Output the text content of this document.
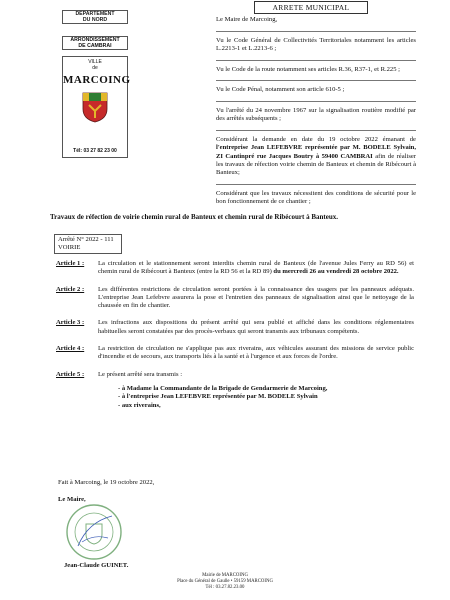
DEPARTEMENT
DU NORD
ARRONDISSEMENT
DE CAMBRAI
VILLE
de
MARCOING
Tél: 03 27 82 23 00
ARRETE MUNICIPAL

Le Maire de Marcoing,

Vu le Code Général de Collectivités Territoriales notamment les articles L.2213-1 et L.2213-6 ;

Vu le Code de la route notamment ses articles R.36, R37-1, et R.225 ;

Vu le Code Pénal, notamment son article 610-5 ;

Vu l'arrêté du 24 novembre 1967 sur la signalisation routière modifié par des arrêtés subséquents ;

Considérant la demande en date du 19 octobre 2022 émanant de l'entreprise Jean LEFEBVRE représentée par M. BODELE Sylvain, ZI Cantinpré rue Jacques Boutry à 59400 CAMBRAI afin de réaliser les travaux de réfection voirie chemin de Banteux et chemin de Ribécourt à Banteux;

Considérant que les travaux nécessitent des conditions de sécurité pour le bon fonctionnement de ce chantier ;

Travaux de réfection de voirie chemin rural de Banteux et chemin rural de Ribécourt à Banteux.
Arrêté N° 2022 - 111
VOIRIE
Article 1 : La circulation et le stationnement seront interdits chemin rural de Banteux (de l'avenue Jules Ferry au RD 56) et chemin rural de Ribécourt à Banteux (entre la RD 56 et la RD 89) du mercredi 26 au vendredi 28 octobre 2022.
Article 2 : Les différentes restrictions de circulation seront portées à la connaissance des usagers par les panneaux adéquats. L'entreprise Jean Lefebvre assurera la pose et l'entretien des panneaux de signalisation ainsi que le nettoyage de la chaussée en fin de chantier.
Article 3 : Les infractions aux dispositions du présent arrêté qui sera publié et affiché dans les conditions réglementaires habituelles seront constatées par des procès-verbaux qui seront transmis aux tribunaux compétents.
Article 4 : La restriction de circulation ne s'applique pas aux riverains, aux véhicules assurant des missions de service public d'incendie et de secours, aux transports liés à la santé et à l'urgence et aux forces de l'ordre.
Article 5 : Le présent arrêté sera transmis :
- à Madame la Commandante de la Brigade de Gendarmerie de Marcoing,
- à l'entreprise Jean LEFEBVRE représentée par M. BODELE Sylvain
- aux riverains,
Fait à Marcoing, le 19 octobre 2022,
Le Maire,
Jean-Claude GUINET.
Mairie de MARCOING
Place du Général de Gaulle • 59159 MARCOING
Tél : 03.27.82.23.00
